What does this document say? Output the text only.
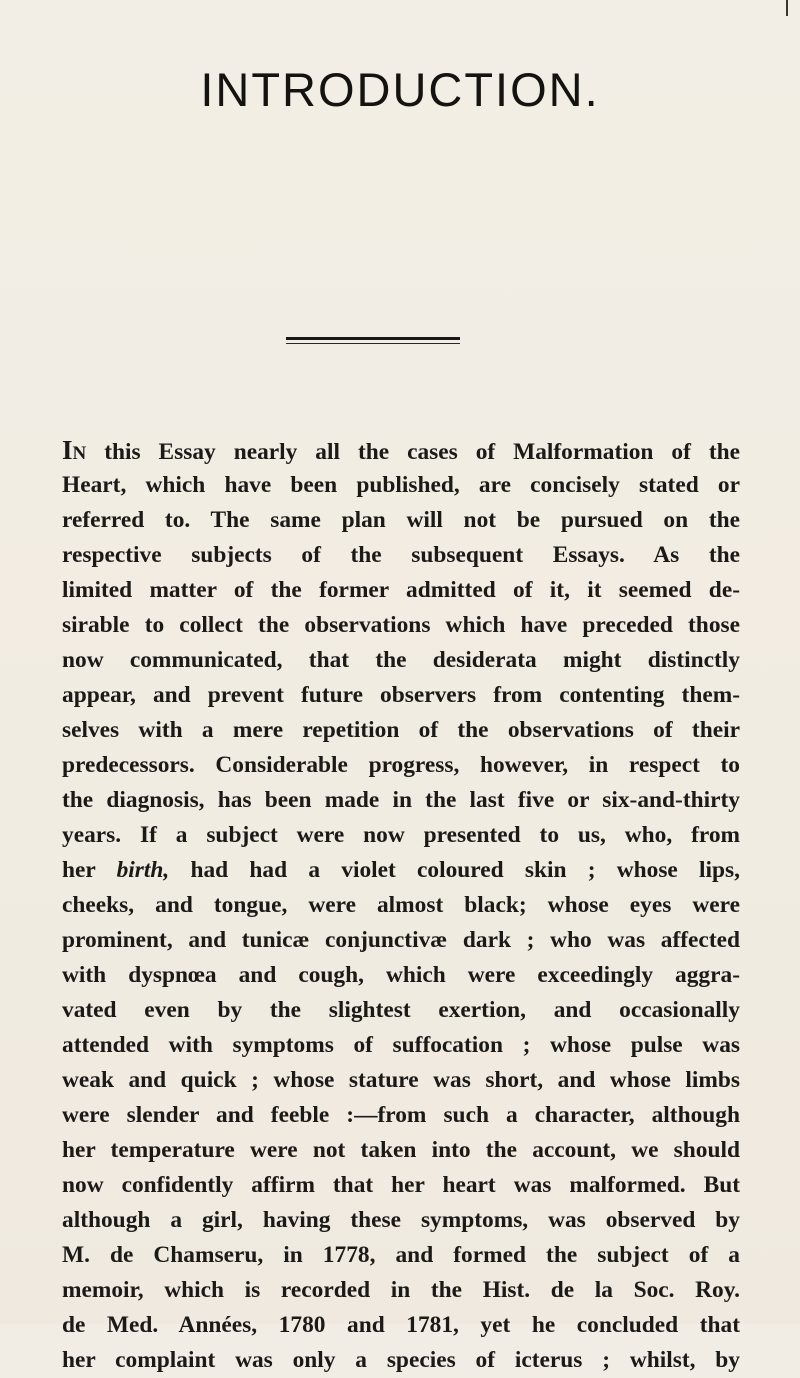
INTRODUCTION.
IN this Essay nearly all the cases of Malformation of the
Heart, which have been published, are concisely stated or
referred to. The same plan will not be pursued on the
respective subjects of the subsequent Essays. As the
limited matter of the former admitted of it, it seemed de-
sirable to collect the observations which have preceded those
now communicated, that the desiderata might distinctly
appear, and prevent future observers from contenting them-
selves with a mere repetition of the observations of their
predecessors. Considerable progress, however, in respect to
the diagnosis, has been made in the last five or six-and-thirty
years. If a subject were now presented to us, who, from
her birth, had had a violet coloured skin ; whose lips,
cheeks, and tongue, were almost black; whose eyes were
prominent, and tunicæ conjunctivæ dark ; who was affected
with dyspnœa and cough, which were exceedingly aggra-
vated even by the slightest exertion, and occasionally
attended with symptoms of suffocation ; whose pulse was
weak and quick ; whose stature was short, and whose limbs
were slender and feeble :—from such a character, although
her temperature were not taken into the account, we should
now confidently affirm that her heart was malformed. But
although a girl, having these symptoms, was observed by
M. de Chamseru, in 1778, and formed the subject of a
memoir, which is recorded in the Hist. de la Soc. Roy.
de Med. Années, 1780 and 1781, yet he concluded that
her complaint was only a species of icterus ; whilst, by
